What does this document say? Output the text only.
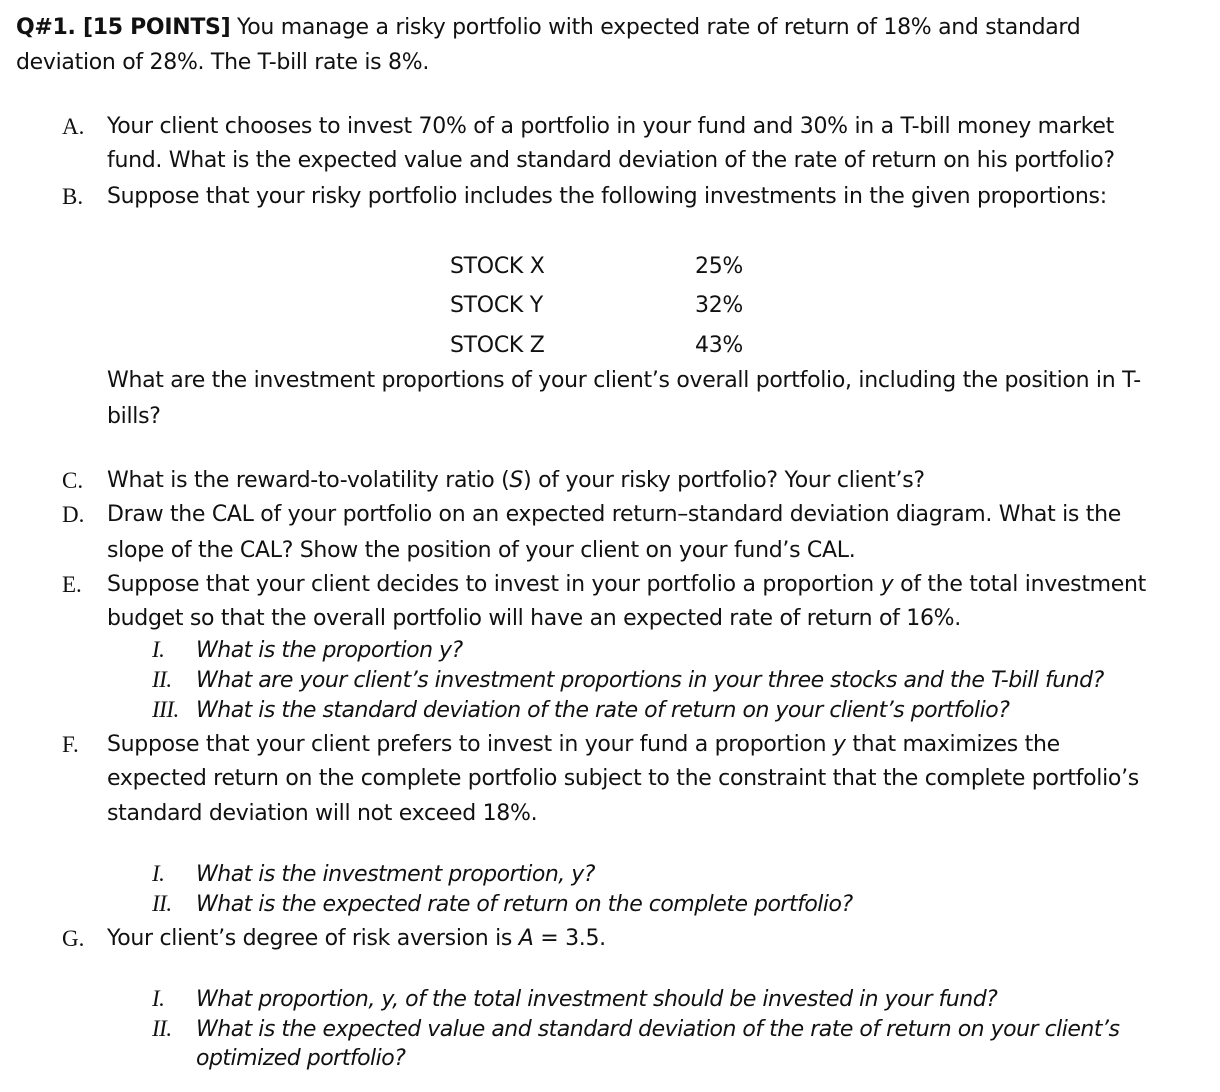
Q#1. [15 POINTS] You manage a risky portfolio with expected rate of return of 18% and standard
deviation of 28%. The T-bill rate is 8%.
A. Your client chooses to invest 70% of a portfolio in your fund and 30% in a T-bill money market
fund. What is the expected value and standard deviation of the rate of return on his portfolio?
B. Suppose that your risky portfolio includes the following investments in the given proportions:
STOCK X	25%
STOCK Y	32%
STOCK Z	43%
What are the investment proportions of your client’s overall portfolio, including the position in T-
bills?
C. What is the reward-to-volatility ratio (S) of your risky portfolio? Your client’s?
D. Draw the CAL of your portfolio on an expected return–standard deviation diagram. What is the
slope of the CAL? Show the position of your client on your fund’s CAL.
E. Suppose that your client decides to invest in your portfolio a proportion y of the total investment
budget so that the overall portfolio will have an expected rate of return of 16%.
I. What is the proportion y?
II. What are your client’s investment proportions in your three stocks and the T-bill fund?
III. What is the standard deviation of the rate of return on your client’s portfolio?
F. Suppose that your client prefers to invest in your fund a proportion y that maximizes the
expected return on the complete portfolio subject to the constraint that the complete portfolio’s
standard deviation will not exceed 18%.
I. What is the investment proportion, y?
II. What is the expected rate of return on the complete portfolio?
G. Your client’s degree of risk aversion is A = 3.5.
I. What proportion, y, of the total investment should be invested in your fund?
II. What is the expected value and standard deviation of the rate of return on your client’s
optimized portfolio?
